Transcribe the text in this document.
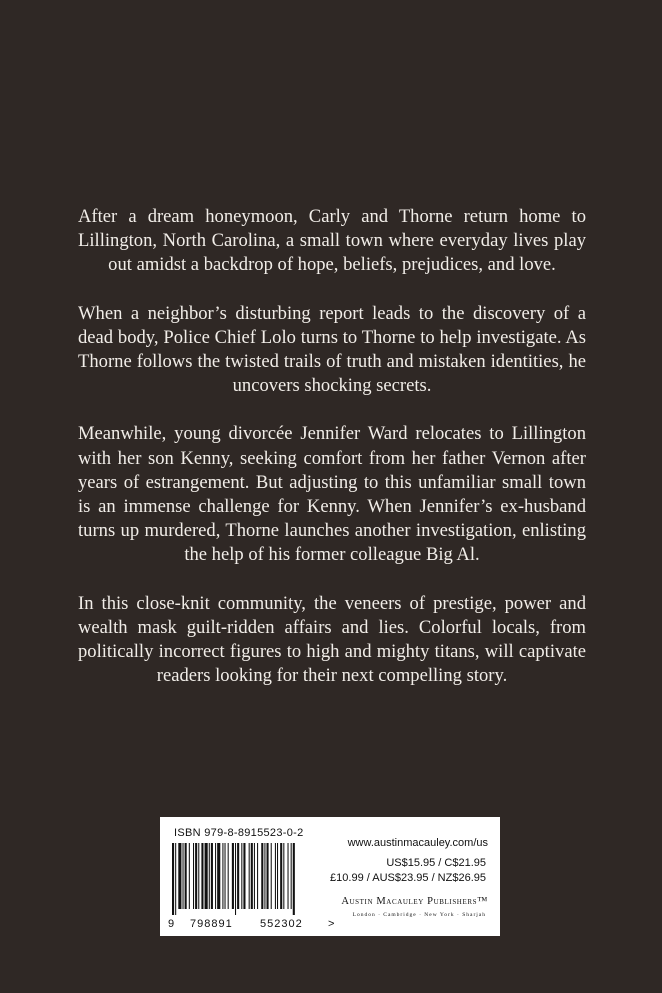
After a dream honeymoon, Carly and Thorne return home to Lillington, North Carolina, a small town where everyday lives play out amidst a backdrop of hope, beliefs, prejudices, and love.

When a neighbor’s disturbing report leads to the discovery of a dead body, Police Chief Lolo turns to Thorne to help investigate. As Thorne follows the twisted trails of truth and mistaken identities, he uncovers shocking secrets.

Meanwhile, young divorcée Jennifer Ward relocates to Lillington with her son Kenny, seeking comfort from her father Vernon after years of estrangement. But adjusting to this unfamiliar small town is an immense challenge for Kenny. When Jennifer’s ex-husband turns up murdered, Thorne launches another investigation, enlisting the help of his former colleague Big Al.

In this close-knit community, the veneers of prestige, power and wealth mask guilt-ridden affairs and lies. Colorful locals, from politically incorrect figures to high and mighty titans, will captivate readers looking for their next compelling story.

ISBN 979-8-8915523-0-2
9 798891 552302 >
www.austinmacauley.com/us
US$15.95 / C$21.95
£10.99 / AUS$23.95 / NZ$26.95
Austin Macauley Publishers™
London · Cambridge · New York · Sharjah
